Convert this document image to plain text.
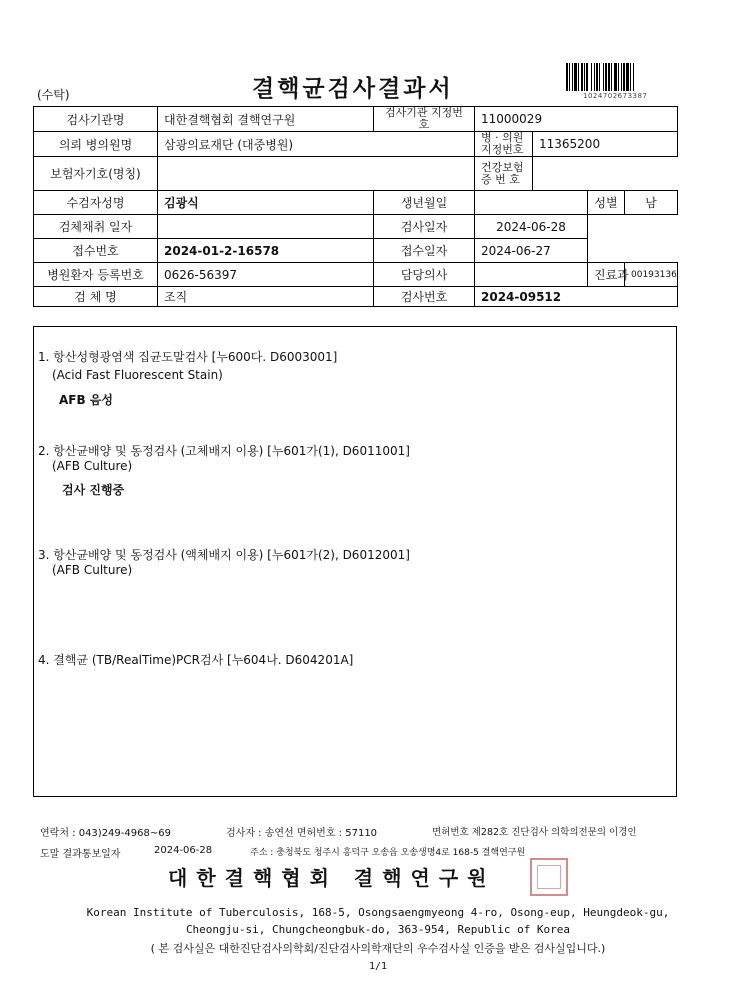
(수탁)	결핵균검사결과서	1024702673387
검사기관명	대한결핵협회 결핵연구원	검사기관 지정번호	11000029			
의뢰 병의원명	삼광의료재단 (대중병원)		병 · 의원 지정번호	11365200		
보험자기호(명칭)			건강보험 증 번 호			
수검자성명	김광식	생년월일			성별	남
검체채취 일자		검사일자	2024-06-28			
접수번호	2024-01-2-16578	접수일자	2024-06-27			
병원환자 등록번호	0626-56397	담당의사			진료과	00193136
검 체 명	조직	검사번호	2024-09512			
1. 항산성형광염색 집균도말검사 [누600다. D6003001]
(Acid Fast Fluorescent Stain)
AFB 음성
2. 항산균배양 및 동정검사 (고체배지 이용) [누601가(1), D6011001]
(AFB Culture)
검사 진행중
3. 항산균배양 및 동정검사 (액체배지 이용) [누601가(2), D6012001]
(AFB Culture)
4. 결핵균 (TB/RealTime)PCR검사 [누604나. D604201A]
연락처 : 043)249-4968~69	검사자 : 송연선 면허번호 : 57110	면허번호 제282호 진단검사 의학의전문의 이경인
도말 결과통보일자	2024-06-28	주소 : 충청북도 청주시 흥덕구 오송읍 오송생명4로 168-5 결핵연구원
대한결핵협회 결핵연구원
Korean Institute of Tuberculosis, 168-5, Osongsaengmyeong 4-ro, Osong-eup, Heungdeok-gu,
Cheongju-si, Chungcheongbuk-do, 363-954, Republic of Korea
( 본 검사실은 대한진단검사의학회/진단검사의학재단의 우수검사실 인증을 받은 검사실입니다.)
1/1
